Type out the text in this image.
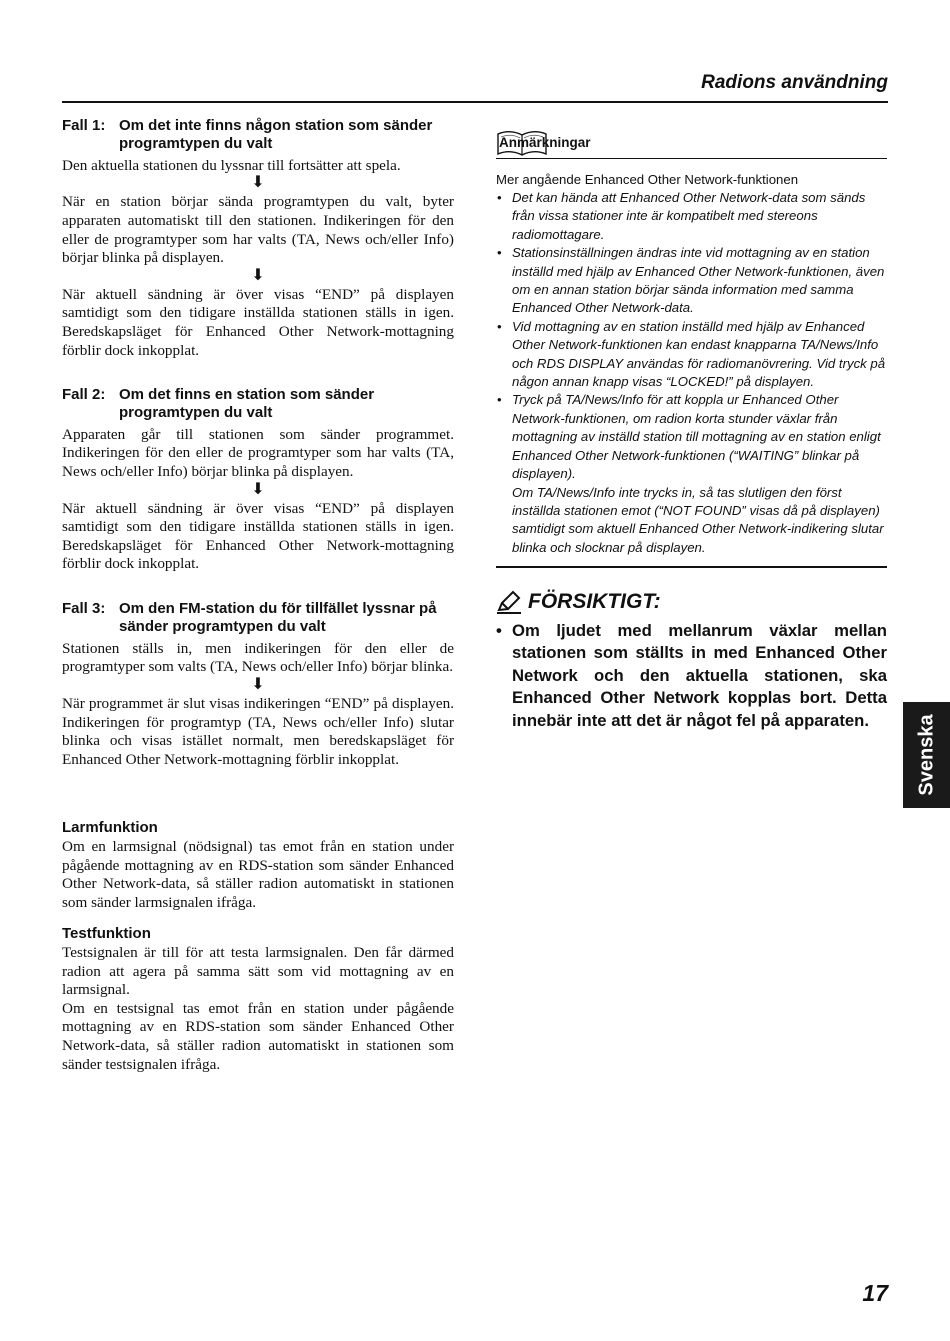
Radions användning
Fall 1: Om det inte finns någon station som sänder programtypen du valt

Den aktuella stationen du lyssnar till fortsätter att spela.

⬇

När en station börjar sända programtypen du valt, byter apparaten automatiskt till den stationen. Indikeringen för den eller de programtyper som har valts (TA, News och/eller Info) börjar blinka på displayen.

⬇

När aktuell sändning är över visas “END” på displayen samtidigt som den tidigare inställda stationen ställs in igen. Beredskapsläget för Enhanced Other Network-mottagning förblir dock inkopplat.

Fall 2: Om det finns en station som sänder programtypen du valt

Apparaten går till stationen som sänder programmet. Indikeringen för den eller de programtyper som har valts (TA, News och/eller Info) börjar blinka på displayen.

⬇

När aktuell sändning är över visas “END” på displayen samtidigt som den tidigare inställda stationen ställs in igen. Beredskapsläget för Enhanced Other Network-mottagning förblir dock inkopplat.

Fall 3: Om den FM-station du för tillfället lyssnar på sänder programtypen du valt

Stationen ställs in, men indikeringen för den eller de programtyper som valts (TA, News och/eller Info) börjar blinka.

⬇

När programmet är slut visas indikeringen “END” på displayen. Indikeringen för programtyp (TA, News och/eller Info) slutar blinka och visas istället normalt, men beredskapsläget för Enhanced Other Network-mottagning förblir inkopplat.

Larmfunktion

Om en larmsignal (nödsignal) tas emot från en station under pågående mottagning av en RDS-station som sänder Enhanced Other Network-data, så ställer radion automatiskt in stationen som sänder larmsignalen ifråga.

Testfunktion

Testsignalen är till för att testa larmsignalen. Den får därmed radion att agera på samma sätt som vid mottagning av en larmsignal.

Om en testsignal tas emot från en station under pågående mottagning av en RDS-station som sänder Enhanced Other Network-data, så ställer radion automatiskt in stationen som sänder testsignalen ifråga.

Anmärkningar
Mer angående Enhanced Other Network-funktionen
• Det kan hända att Enhanced Other Network-data som sänds från vissa stationer inte är kompatibelt med stereons radiomottagare.
• Stationsinställningen ändras inte vid mottagning av en station inställd med hjälp av Enhanced Other Network-funktionen, även om en annan station börjar sända information med samma Enhanced Other Network-data.
• Vid mottagning av en station inställd med hjälp av Enhanced Other Network-funktionen kan endast knapparna TA/News/Info och RDS DISPLAY användas för radiomanövrering. Vid tryck på någon annan knapp visas “LOCKED!” på displayen.
• Tryck på TA/News/Info för att koppla ur Enhanced Other Network-funktionen, om radion korta stunder växlar från mottagning av inställd station till mottagning av en station enligt Enhanced Other Network-funktionen (“WAITING” blinkar på displayen).
Om TA/News/Info inte trycks in, så tas slutligen den först inställda stationen emot (“NOT FOUND” visas då på displayen) samtidigt som aktuell Enhanced Other Network-indikering slutar blinka och slocknar på displayen.
FÖRSIKTIGT:
• Om ljudet med mellanrum växlar mellan stationen som ställts in med Enhanced Other Network och den aktuella stationen, ska Enhanced Other Network kopplas bort. Detta innebär inte att det är något fel på apparaten.	Svenska
17
